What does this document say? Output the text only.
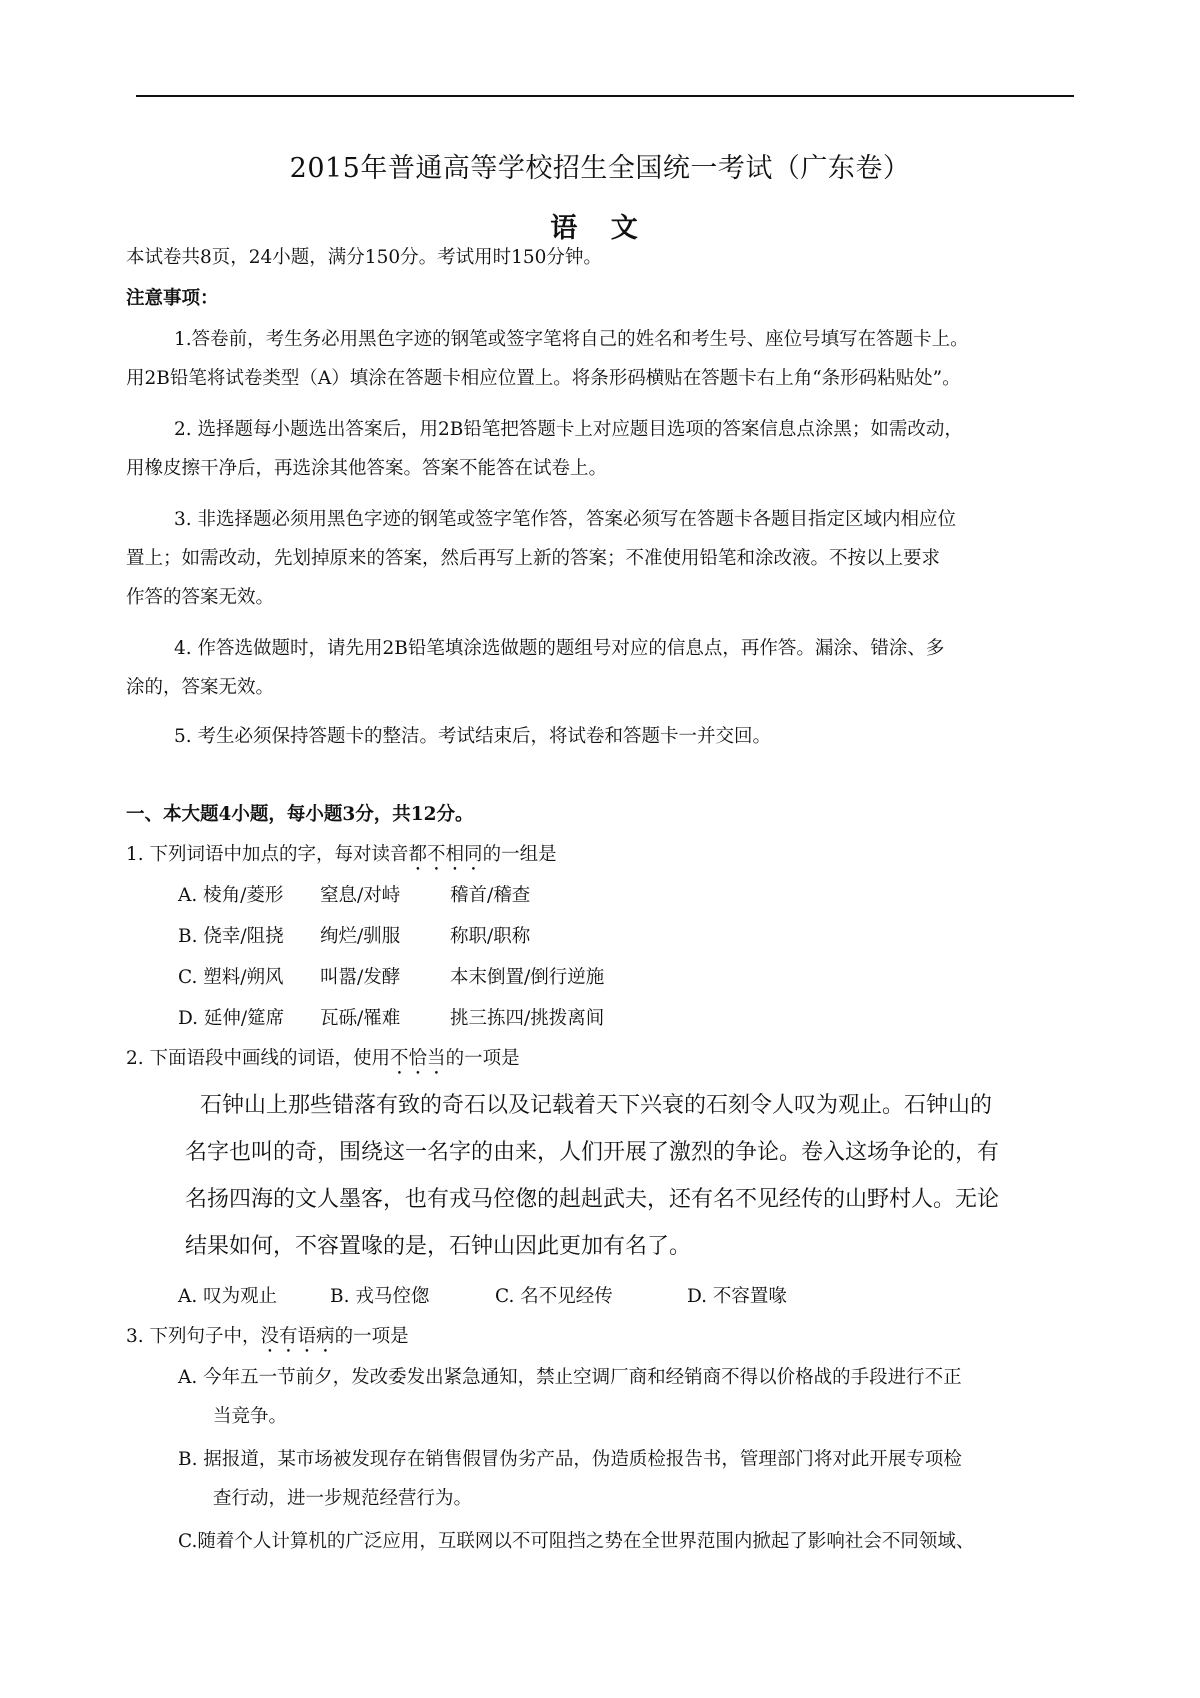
2015年普通高等学校招生全国统一考试（广东卷）
语 文
本试卷共8页，24小题，满分150分。考试用时150分钟。
注意事项：
1.答卷前，考生务必用黑色字迹的钢笔或签字笔将自己的姓名和考生号、座位号填写在答题卡上。
用2B铅笔将试卷类型（A）填涂在答题卡相应位置上。将条形码横贴在答题卡右上角“条形码粘贴处”。
2. 选择题每小题选出答案后，用2B铅笔把答题卡上对应题目选项的答案信息点涂黑；如需改动，
用橡皮擦干净后，再选涂其他答案。答案不能答在试卷上。
3. 非选择题必须用黑色字迹的钢笔或签字笔作答，答案必须写在答题卡各题目指定区域内相应位
置上；如需改动，先划掉原来的答案，然后再写上新的答案；不准使用铅笔和涂改液。不按以上要求
作答的答案无效。
4. 作答选做题时，请先用2B铅笔填涂选做题的题组号对应的信息点，再作答。漏涂、错涂、多
涂的，答案无效。
5. 考生必须保持答题卡的整洁。考试结束后，将试卷和答题卡一并交回。
一、本大题4小题，每小题3分，共12分。
1. 下列词语中加点的字，每对读音都不相同的一组是
A. 棱角/菱形 窒息/对峙	稽首/稽查
B. 侥幸/阻挠 绚烂/驯服	称职/职称
C. 塑料/朔风 叫嚣/发酵	本末倒置/倒行逆施
D. 延伸/筵席 瓦砾/罹难	挑三拣四/挑拨离间
2. 下面语段中画线的词语，使用不恰当的一项是
石钟山上那些错落有致的奇石以及记载着天下兴衰的石刻令人叹为观止。石钟山的
名字也叫的奇，围绕这一名字的由来，人们开展了激烈的争论。卷入这场争论的，有
名扬四海的文人墨客，也有戎马倥偬的赳赳武夫，还有名不见经传的山野村人。无论
结果如何，不容置喙的是，石钟山因此更加有名了。
A. 叹为观止	B. 戎马倥偬	C. 名不见经传	D. 不容置喙
3. 下列句子中，没有语病的一项是
A. 今年五一节前夕，发改委发出紧急通知，禁止空调厂商和经销商不得以价格战的手段进行不正
当竞争。
B. 据报道，某市场被发现存在销售假冒伪劣产品，伪造质检报告书，管理部门将对此开展专项检
查行动，进一步规范经营行为。
C.随着个人计算机的广泛应用，互联网以不可阻挡之势在全世界范围内掀起了影响社会不同领域、
